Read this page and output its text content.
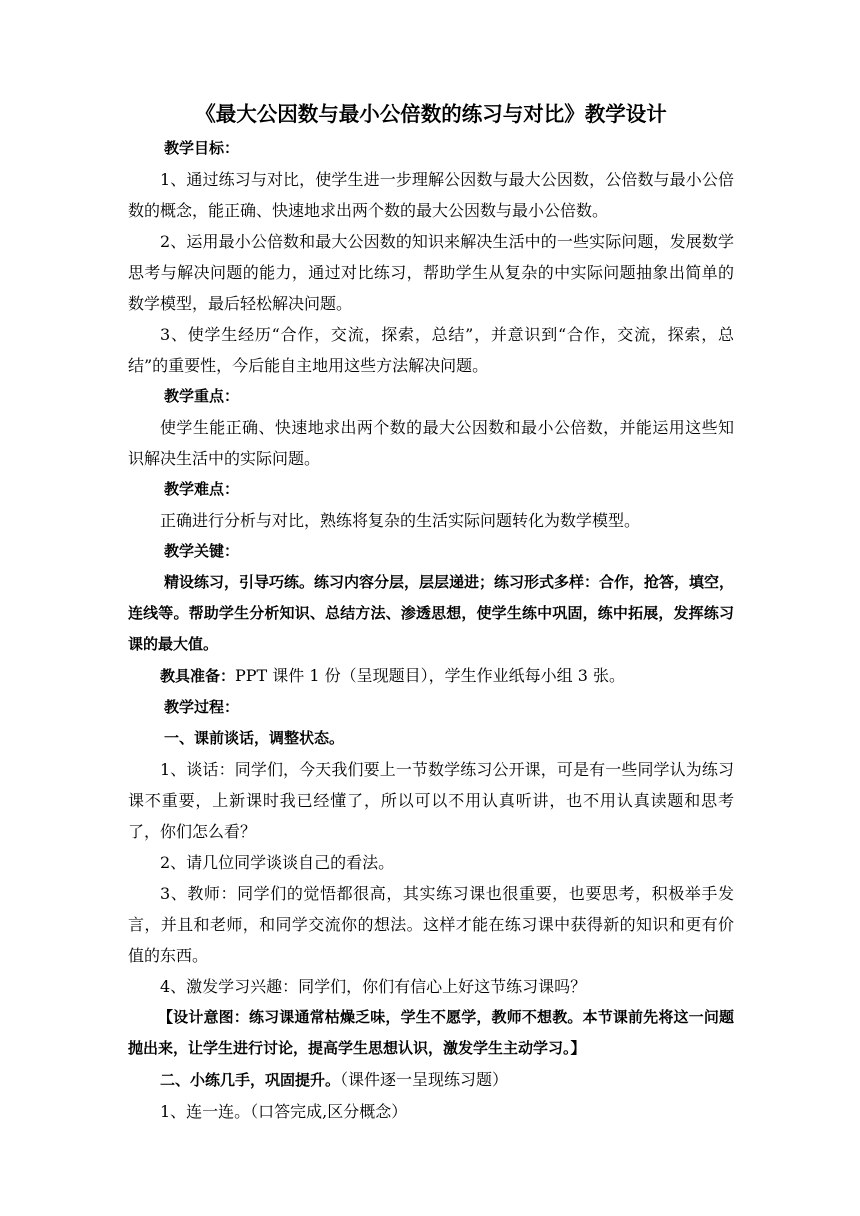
《最大公因数与最小公倍数的练习与对比》教学设计
教学目标：

1、通过练习与对比，使学生进一步理解公因数与最大公因数，公倍数与最小公倍数的概念，能正确、快速地求出两个数的最大公因数与最小公倍数。

2、运用最小公倍数和最大公因数的知识来解决生活中的一些实际问题，发展数学思考与解决问题的能力，通过对比练习，帮助学生从复杂的中实际问题抽象出简单的数学模型，最后轻松解决问题。

3、使学生经历“合作，交流，探索，总结”，并意识到“合作，交流，探索，总结”的重要性，今后能自主地用这些方法解决问题。

教学重点：

使学生能正确、快速地求出两个数的最大公因数和最小公倍数，并能运用这些知识解决生活中的实际问题。

教学难点：

正确进行分析与对比，熟练将复杂的生活实际问题转化为数学模型。

教学关键：

精设练习，引导巧练。练习内容分层，层层递进；练习形式多样：合作，抢答，填空，连线等。帮助学生分析知识、总结方法、渗透思想，使学生练中巩固，练中拓展，发挥练习课的最大值。

教具准备：PPT 课件 1 份（呈现题目），学生作业纸每小组 3 张。

教学过程：
一、课前谈话，调整状态。

1、谈话：同学们，今天我们要上一节数学练习公开课，可是有一些同学认为练习课不重要，上新课时我已经懂了，所以可以不用认真听讲，也不用认真读题和思考了，你们怎么看？

2、请几位同学谈谈自己的看法。

3、教师：同学们的觉悟都很高，其实练习课也很重要，也要思考，积极举手发言，并且和老师，和同学交流你的想法。这样才能在练习课中获得新的知识和更有价值的东西。

4、激发学习兴趣：同学们，你们有信心上好这节练习课吗？

【设计意图：练习课通常枯燥乏味，学生不愿学，教师不想教。本节课前先将这一问题抛出来，让学生进行讨论，提高学生思想认识，激发学生主动学习。】

二、小练几手，巩固提升。（课件逐一呈现练习题）

1、连一连。（口答完成,区分概念）
